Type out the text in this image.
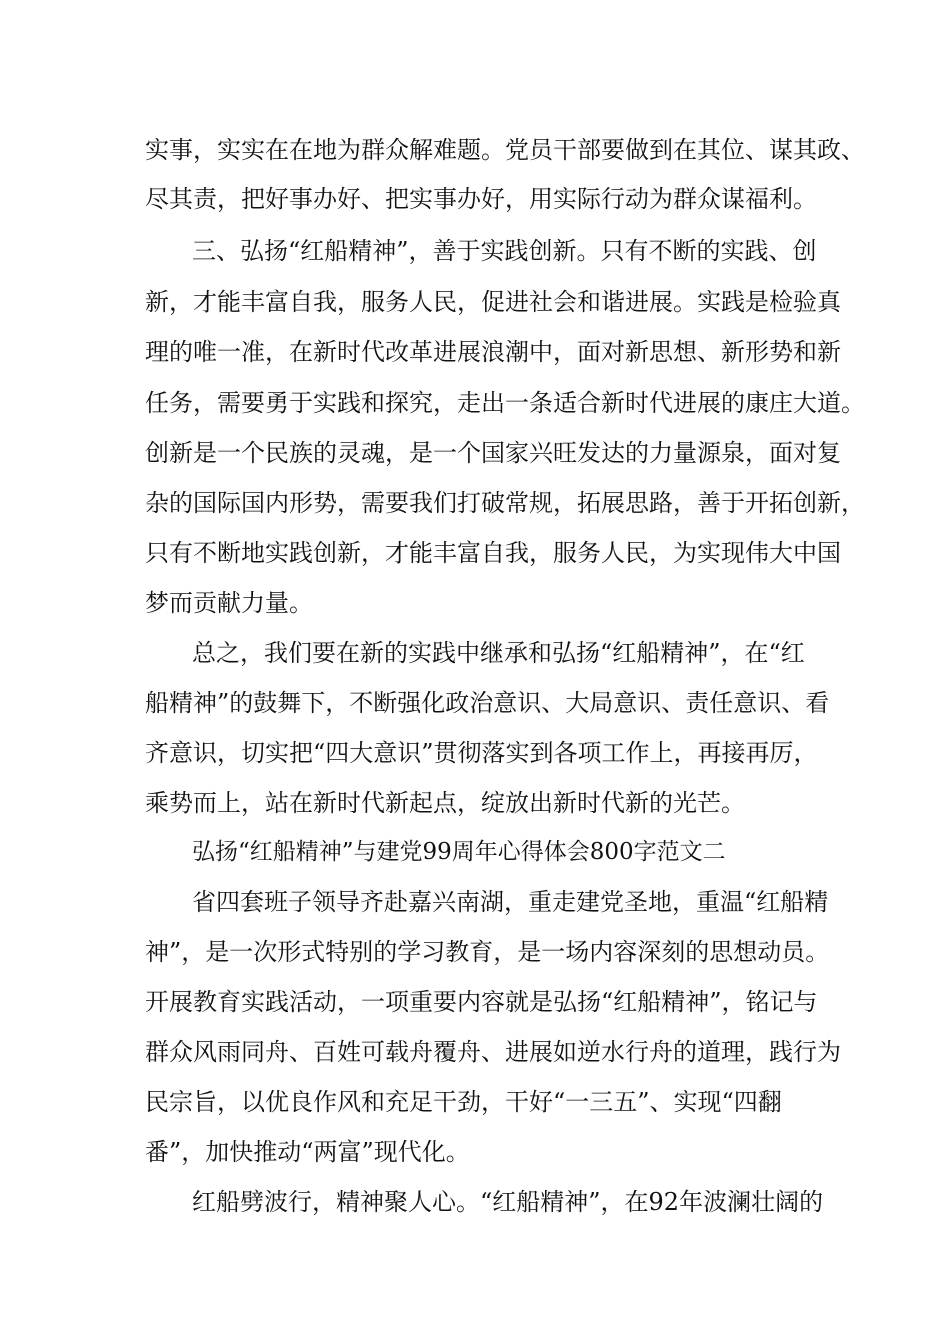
实事，实实在在地为群众解难题。党员干部要做到在其位、谋其政、
尽其责，把好事办好、把实事办好，用实际行动为群众谋福利。
三、弘扬“红船精神”，善于实践创新。只有不断的实践、创
新，才能丰富自我，服务人民，促进社会和谐进展。实践是检验真
理的唯一准，在新时代改革进展浪潮中，面对新思想、新形势和新
任务，需要勇于实践和探究，走出一条适合新时代进展的康庄大道。
创新是一个民族的灵魂，是一个国家兴旺发达的力量源泉，面对复
杂的国际国内形势，需要我们打破常规，拓展思路，善于开拓创新，
只有不断地实践创新，才能丰富自我，服务人民，为实现伟大中国
梦而贡献力量。
总之，我们要在新的实践中继承和弘扬“红船精神”，在“红
船精神”的鼓舞下，不断强化政治意识、大局意识、责任意识、看
齐意识，切实把“四大意识”贯彻落实到各项工作上，再接再厉，
乘势而上，站在新时代新起点，绽放出新时代新的光芒。
弘扬“红船精神”与建党99周年心得体会800字范文二
省四套班子领导齐赴嘉兴南湖，重走建党圣地，重温“红船精
神”，是一次形式特别的学习教育，是一场内容深刻的思想动员。
开展教育实践活动，一项重要内容就是弘扬“红船精神”，铭记与
群众风雨同舟、百姓可载舟覆舟、进展如逆水行舟的道理，践行为
民宗旨，以优良作风和充足干劲，干好“一三五”、实现“四翻
番”，加快推动“两富”现代化。
红船劈波行，精神聚人心。“红船精神”，在92年波澜壮阔的
